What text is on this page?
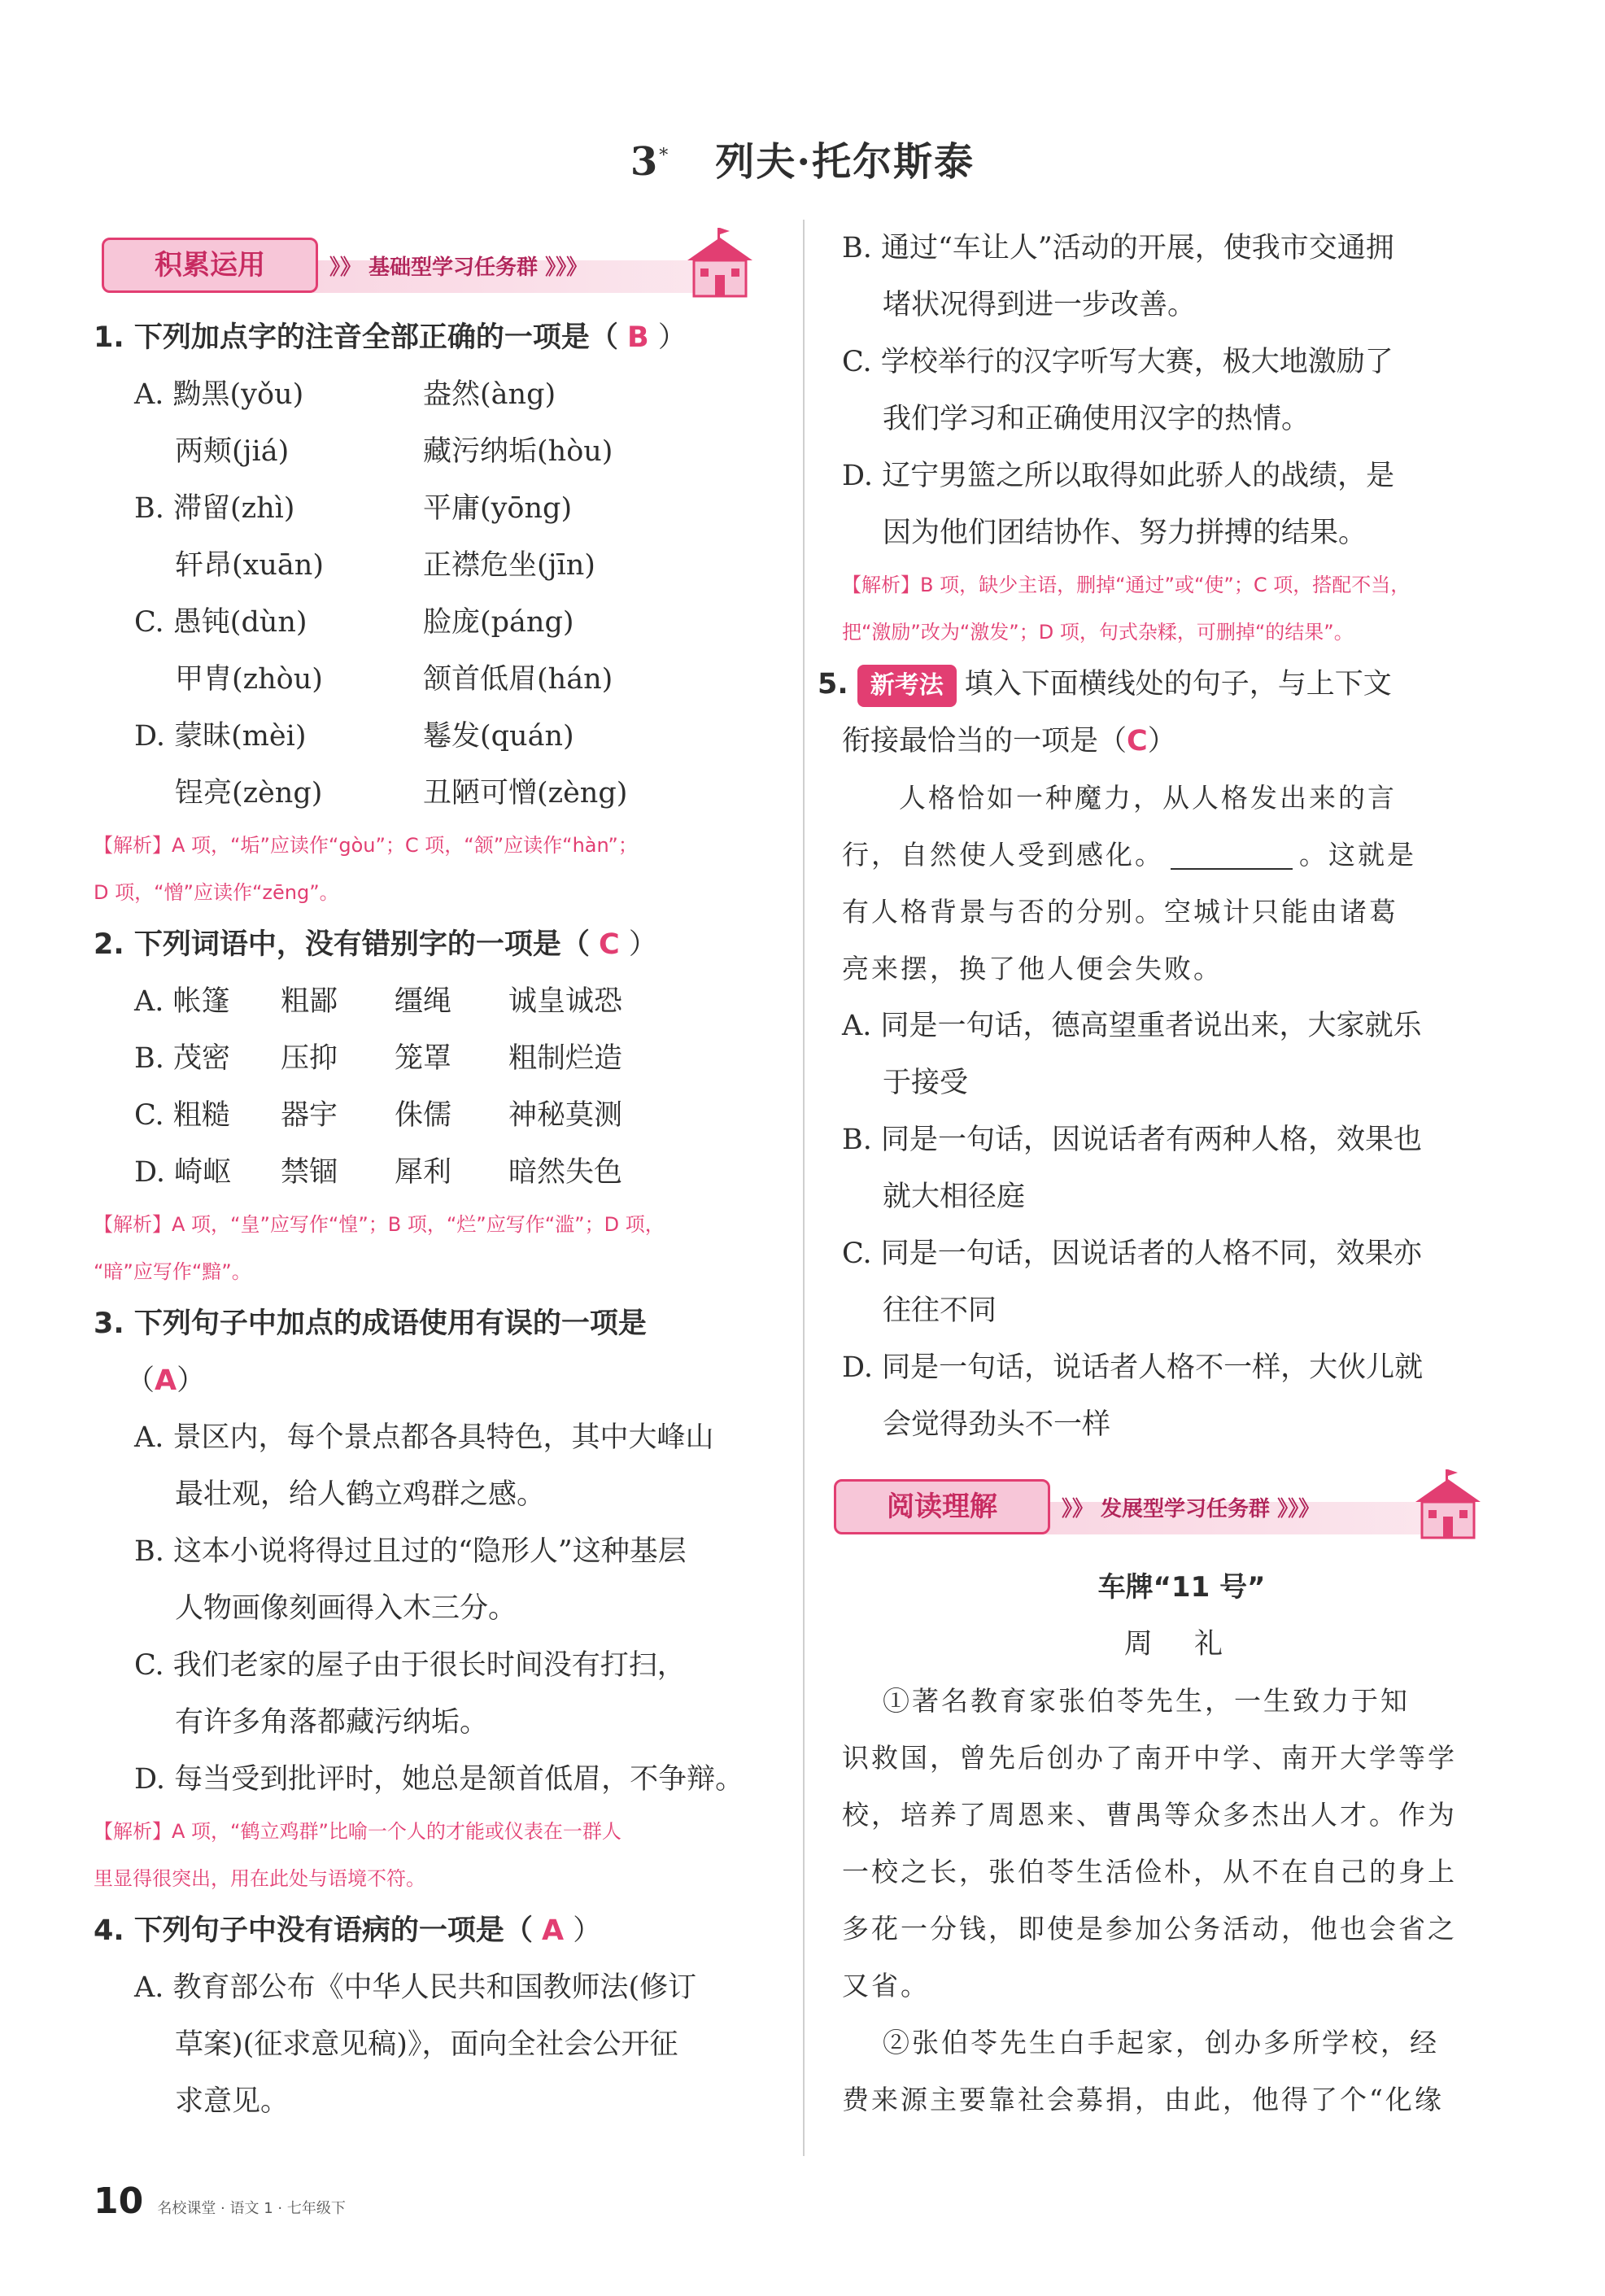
3* 列夫·托尔斯泰
积累运用	》》 基础型学习任务群 》》》
1. 下列加点字的注音全部正确的一项是（ B ）
A. 黝黑(yǒu)	盎然(àng)
两颊(jiá)	藏污纳垢(hòu)
B. 滞留(zhì)	平庸(yōng)
轩昂(xuān)	正襟危坐(jīn)
C. 愚钝(dùn)	脸庞(páng)
甲胄(zhòu)	颔首低眉(hán)
D. 蒙昧(mèi)	鬈发(quán)
锃亮(zèng)	丑陋可憎(zèng)
【解析】A 项，“垢”应读作“gòu”；C 项，“颔”应读作“hàn”；
D 项，“憎”应读作“zēng”。
2. 下列词语中，没有错别字的一项是（ C ）
A. 帐篷	粗鄙	缰绳	诚皇诚恐
B. 茂密	压抑	笼罩	粗制烂造
C. 粗糙	器宇	侏儒	神秘莫测
D. 崎岖	禁锢	犀利	暗然失色
【解析】A 项，“皇”应写作“惶”；B 项，“烂”应写作“滥”；D 项，
“暗”应写作“黯”。
3. 下列句子中加点的成语使用有误的一项是
（A）
A. 景区内，每个景点都各具特色，其中大峰山
最壮观，给人鹤立鸡群之感。
B. 这本小说将得过且过的“隐形人”这种基层
人物画像刻画得入木三分。
C. 我们老家的屋子由于很长时间没有打扫，
有许多角落都藏污纳垢。
D. 每当受到批评时，她总是颔首低眉，不争辩。
【解析】A 项，“鹤立鸡群”比喻一个人的才能或仪表在一群人
里显得很突出，用在此处与语境不符。
4. 下列句子中没有语病的一项是（ A ）
A. 教育部公布《中华人民共和国教师法(修订
草案)(征求意见稿)》，面向全社会公开征
求意见。
B. 通过“车让人”活动的开展，使我市交通拥
堵状况得到进一步改善。
C. 学校举行的汉字听写大赛，极大地激励了
我们学习和正确使用汉字的热情。
D. 辽宁男篮之所以取得如此骄人的战绩，是
因为他们团结协作、努力拼搏的结果。
【解析】B 项，缺少主语，删掉“通过”或“使”；C 项，搭配不当，
把“激励”改为“激发”；D 项，句式杂糅，可删掉“的结果”。
5. 新考法 填入下面横线处的句子，与上下文
衔接最恰当的一项是（C）
人格恰如一种魔力，从人格发出来的言
行，自然使人受到感化。	。这就是
有人格背景与否的分别。空城计只能由诸葛
亮来摆，换了他人便会失败。
A. 同是一句话，德高望重者说出来，大家就乐
于接受
B. 同是一句话，因说话者有两种人格，效果也
就大相径庭
C. 同是一句话，因说话者的人格不同，效果亦
往往不同
D. 同是一句话，说话者人格不一样，大伙儿就
会觉得劲头不一样
阅读理解	》》 发展型学习任务群 》》》
车牌“11 号”
周 礼
①著名教育家张伯苓先生，一生致力于知
识救国，曾先后创办了南开中学、南开大学等学
校，培养了周恩来、曹禺等众多杰出人才。作为
一校之长，张伯苓生活俭朴，从不在自己的身上
多花一分钱，即使是参加公务活动，他也会省之
又省。
②张伯苓先生白手起家，创办多所学校，经
费来源主要靠社会募捐，由此，他得了个“化缘
10 名校课堂 · 语文 1 · 七年级下
